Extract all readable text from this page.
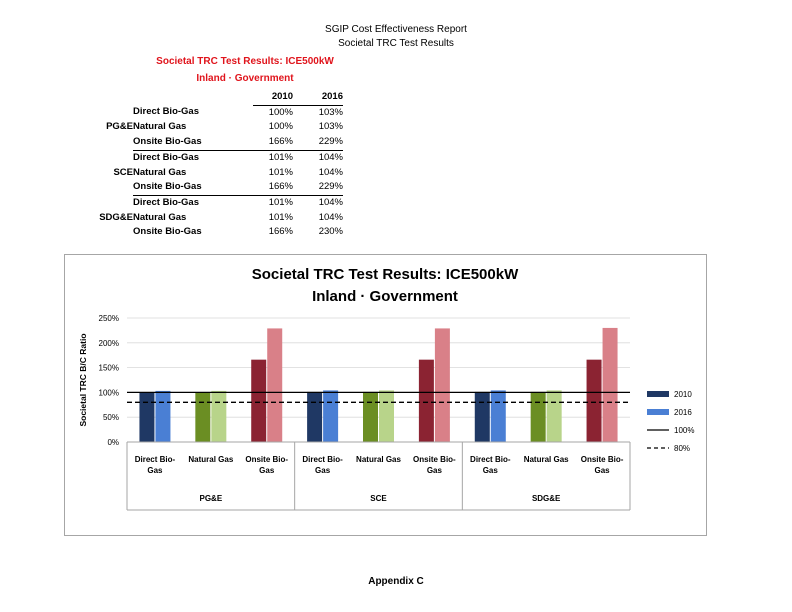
SGIP Cost Effectiveness Report
Societal TRC Test Results
Societal TRC Test Results: ICE500kW
Inland · Government
		2010	2016
	Direct Bio-Gas	100%	103%
PG&E	Natural Gas	100%	103%
	Onsite Bio-Gas	166%	229%
	Direct Bio-Gas	101%	104%
SCE	Natural Gas	101%	104%
	Onsite Bio-Gas	166%	229%
	Direct Bio-Gas	101%	104%
SDG&E	Natural Gas	101%	104%
	Onsite Bio-Gas	166%	230%
Societal TRC Test Results: ICE500kW
Inland · Government
0%
50%
100%
150%
200%
250%
Societal TRC B/C Ratio
Direct Bio-
Gas
Natural Gas Onsite Bio-
Gas
PG&E
Direct Bio-
Gas
Natural Gas Onsite Bio-
Gas
SCE
Direct Bio-
Gas
Natural Gas Onsite Bio-
Gas
SDG&E
2010
2016
100%
80%
Appendix C
